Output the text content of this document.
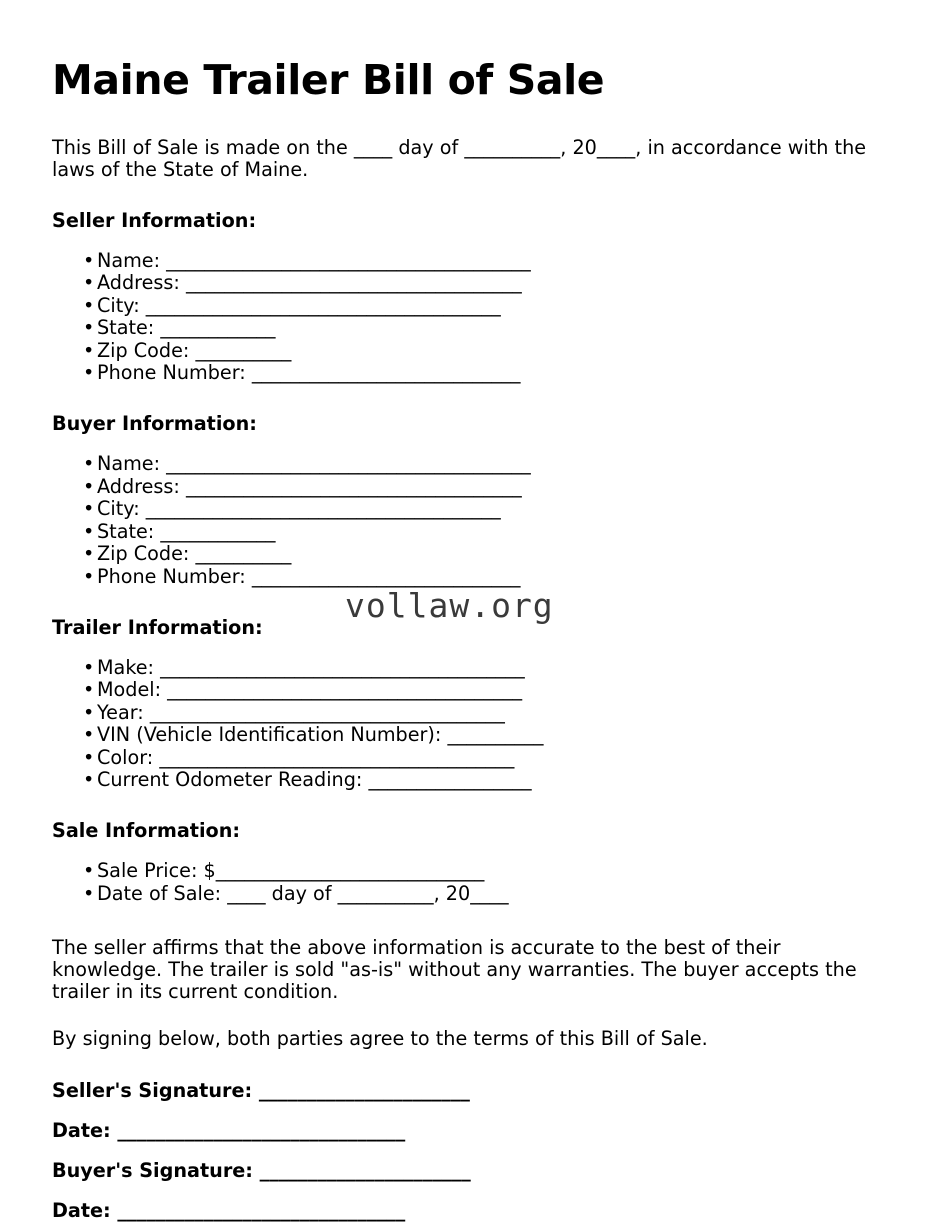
Maine Trailer Bill of Sale

This Bill of Sale is made on the ____ day of __________, 20____, in accordance with the laws of the State of Maine.

Seller Information:
• Name: ______________________________________
• Address: ___________________________________
• City: _____________________________________
• State: ____________
• Zip Code: __________
• Phone Number: ____________________________
Buyer Information:
• Name: ______________________________________
• Address: ___________________________________
• City: _____________________________________
• State: ____________
• Zip Code: __________
• Phone Number: ____________________________
Trailer Information:
• Make: ______________________________________
• Model: _____________________________________
• Year: _____________________________________
• VIN (Vehicle Identification Number): __________
• Color: _____________________________________
• Current Odometer Reading: _________________
Sale Information:
• Sale Price: $____________________________
• Date of Sale: ____ day of __________, 20____

The seller affirms that the above information is accurate to the best of their knowledge. The trailer is sold "as-is" without any warranties. The buyer accepts the trailer in its current condition.

By signing below, both parties agree to the terms of this Bill of Sale.

Seller's Signature: ______________________

Date: ______________________________

Buyer's Signature: ______________________

Date: ______________________________

vollaw.org
